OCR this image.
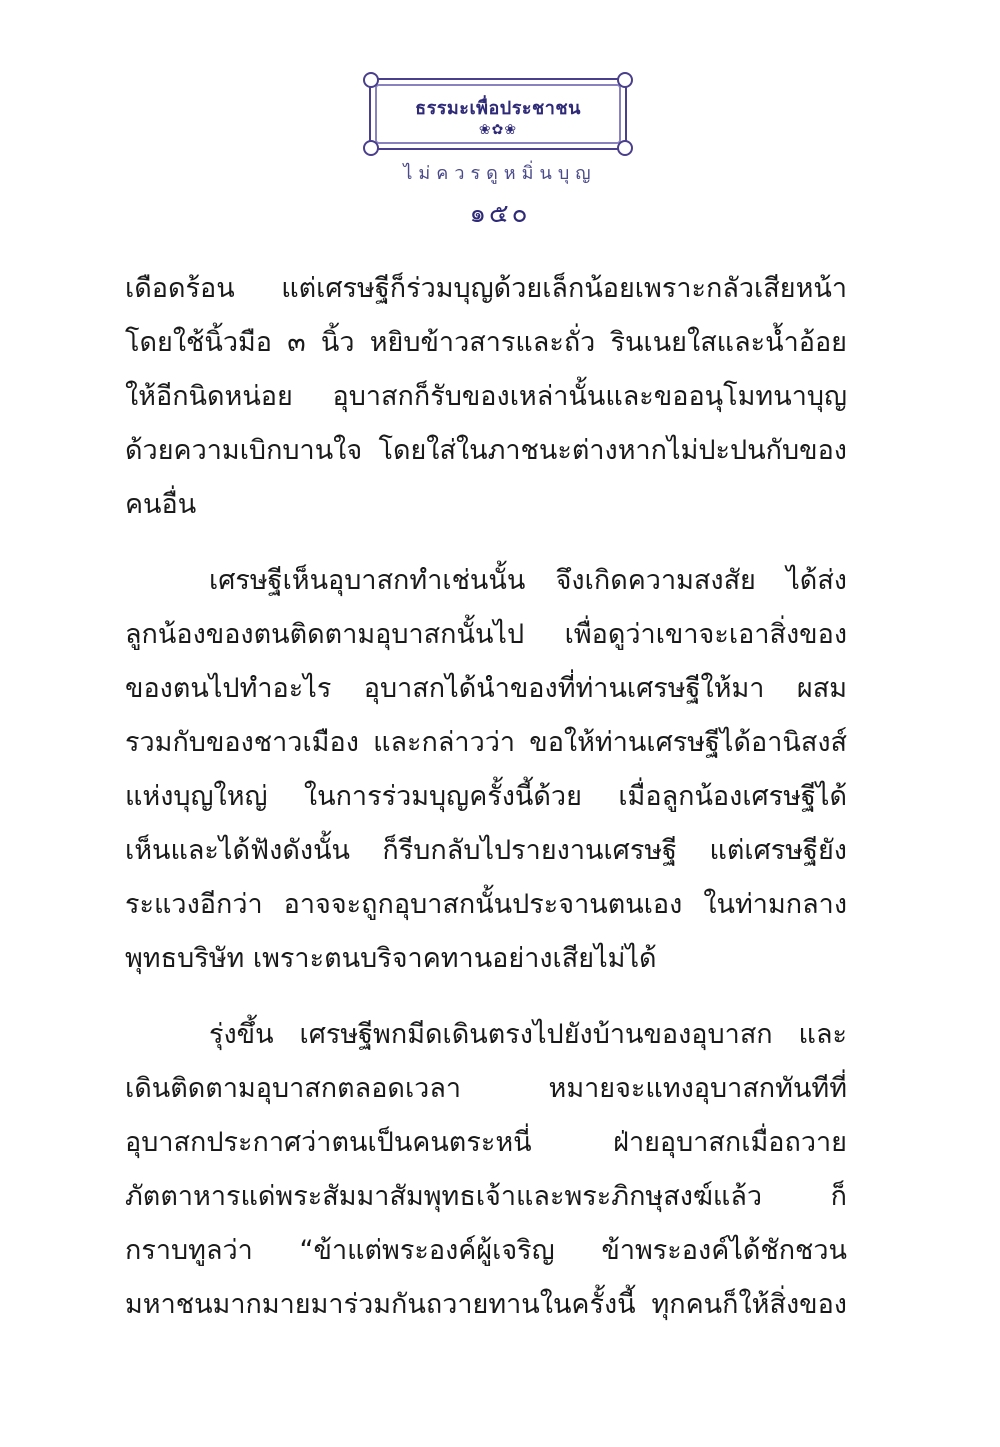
ธรรมะเพื่อประชาชน
❀✿❀
ไม่ควรดูหมิ่นบุญ
๑๕๐
เดือดร้อน แต่เศรษฐีก็ร่วมบุญด้วยเล็กน้อยเพราะกลัวเสียหน้า
โดยใช้นิ้วมือ ๓ นิ้ว หยิบข้าวสารและถั่ว รินเนยใสและน้ำอ้อย
ให้อีกนิดหน่อย อุบาสกก็รับของเหล่านั้นและขออนุโมทนาบุญ
ด้วยความเบิกบานใจ โดยใส่ในภาชนะต่างหากไม่ปะปนกับของ
คนอื่น
เศรษฐีเห็นอุบาสกทำเช่นนั้น จึงเกิดความสงสัย ได้ส่ง
ลูกน้องของตนติดตามอุบาสกนั้นไป เพื่อดูว่าเขาจะเอาสิ่งของ
ของตนไปทำอะไร อุบาสกได้นำของที่ท่านเศรษฐีให้มา ผสม
รวมกับของชาวเมือง และกล่าวว่า ขอให้ท่านเศรษฐีได้อานิสงส์
แห่งบุญใหญ่ ในการร่วมบุญครั้งนี้ด้วย เมื่อลูกน้องเศรษฐีได้
เห็นและได้ฟังดังนั้น ก็รีบกลับไปรายงานเศรษฐี แต่เศรษฐียัง
ระแวงอีกว่า อาจจะถูกอุบาสกนั้นประจานตนเอง ในท่ามกลาง
พุทธบริษัท เพราะตนบริจาคทานอย่างเสียไม่ได้
รุ่งขึ้น เศรษฐีพกมีดเดินตรงไปยังบ้านของอุบาสก และ
เดินติดตามอุบาสกตลอดเวลา หมายจะแทงอุบาสกทันทีที่
อุบาสกประกาศว่าตนเป็นคนตระหนี่ ฝ่ายอุบาสกเมื่อถวาย
ภัตตาหารแด่พระสัมมาสัมพุทธเจ้าและพระภิกษุสงฆ์แล้ว ก็
กราบทูลว่า “ข้าแต่พระองค์ผู้เจริญ ข้าพระองค์ได้ชักชวน
มหาชนมากมายมาร่วมกันถวายทานในครั้งนี้ ทุกคนก็ให้สิ่งของ
